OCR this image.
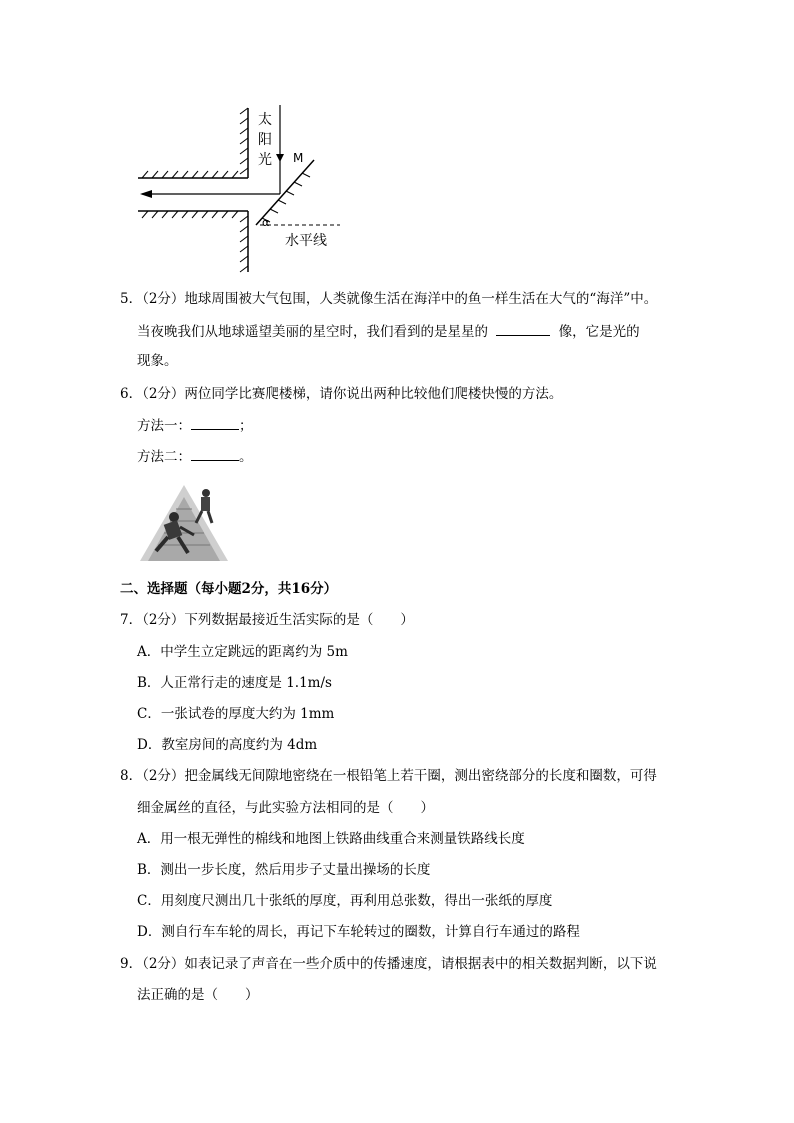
太
阳
光 M
α
水平线
5．（2分）地球周围被大气包围，人类就像生活在海洋中的鱼一样生活在大气的“海洋”中。
当夜晚我们从地球遥望美丽的星空时，我们看到的是星星的	像，它是光的
现象。
6．（2分）两位同学比赛爬楼梯，请你说出两种比较他们爬楼快慢的方法。
方法一：	；
方法二：	。
二、选择题（每小题2分，共16分）
7．（2分）下列数据最接近生活实际的是（　　）
A．中学生立定跳远的距离约为 5m
B．人正常行走的速度是 1.1m/s
C．一张试卷的厚度大约为 1mm
D．教室房间的高度约为 4dm
8．（2分）把金属线无间隙地密绕在一根铅笔上若干圈，测出密绕部分的长度和圈数，可得
细金属丝的直径，与此实验方法相同的是（　　）
A．用一根无弹性的棉线和地图上铁路曲线重合来测量铁路线长度
B．测出一步长度，然后用步子丈量出操场的长度
C．用刻度尺测出几十张纸的厚度，再利用总张数，得出一张纸的厚度
D．测自行车车轮的周长，再记下车轮转过的圈数，计算自行车通过的路程
9．（2分）如表记录了声音在一些介质中的传播速度，请根据表中的相关数据判断，以下说
法正确的是（　　）
